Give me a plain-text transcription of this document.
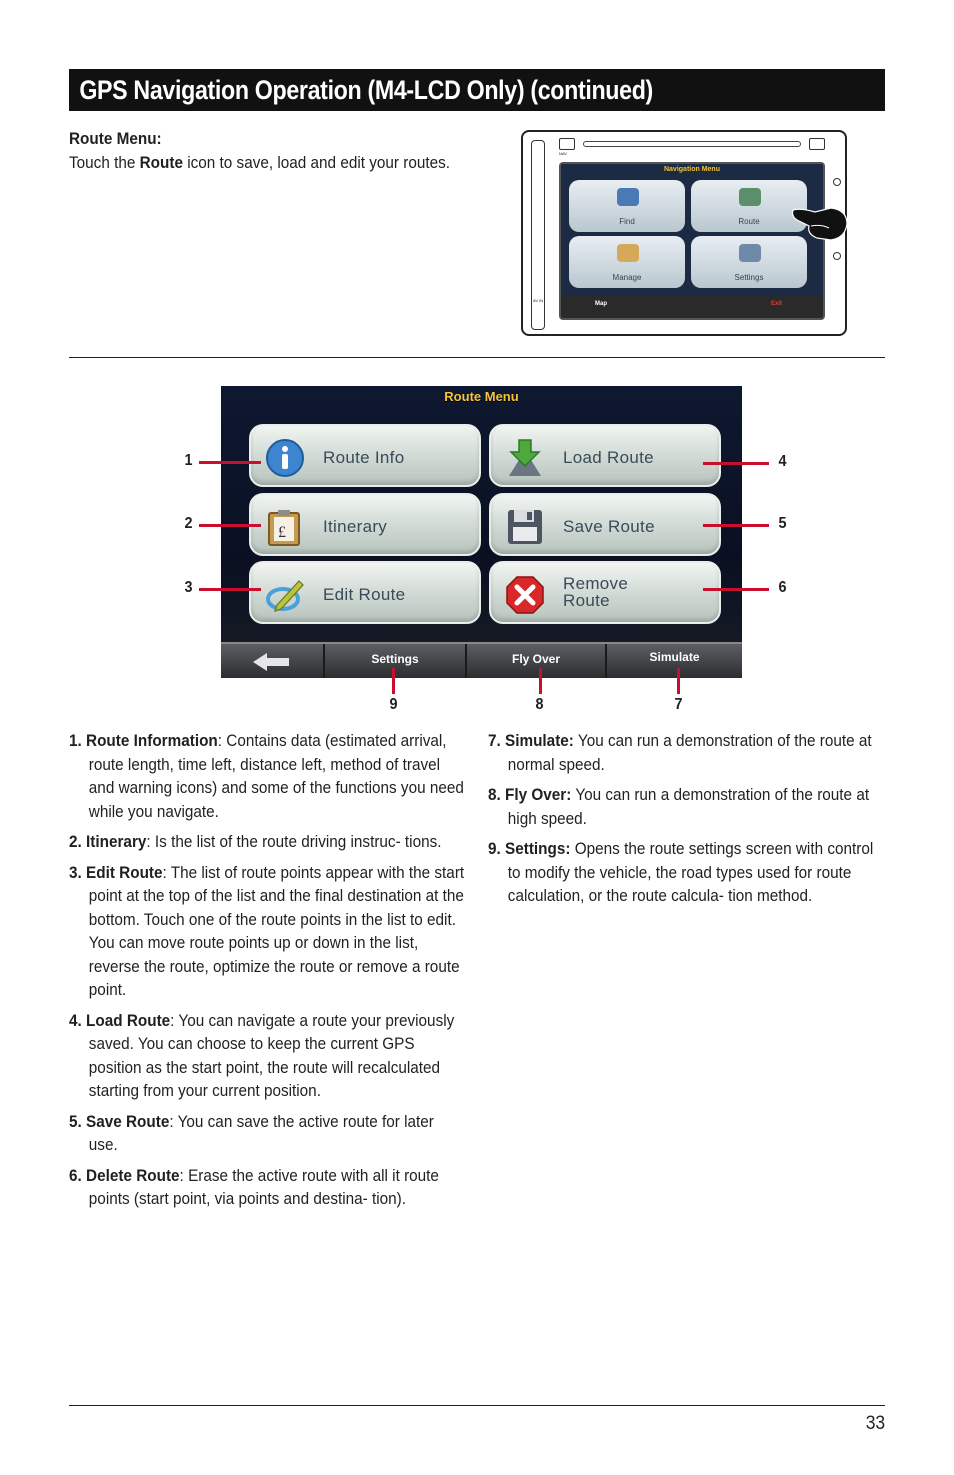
GPS Navigation Operation (M4-LCD Only) (continued)
Route Menu:

Touch the Route icon to save, load and edit your routes.	NAV
AV IN
Navigation Menu
Find	Route
Manage	Settings
Map	Exit
Route Menu
Route Info	Load Route
£ Itinerary	Save Route
Edit Route
Remove
Route
Settings	Fly Over	Simulate
1
2
3
4
5
6
7
8
9
1. Route Information: Contains data (estimated arrival, route length, time left, distance left, method of travel and warning icons) and some of the functions you need while you navigate.
2. Itinerary: Is the list of the route driving instruc- tions.
3. Edit Route: The list of route points appear with the start point at the top of the list and the final destination at the bottom. Touch one of the route points in the list to edit. You can move route points up or down in the list, reverse the route, optimize the route or remove a route point.
4. Load Route: You can navigate a route your previously saved. You can choose to keep the current GPS position as the start point, the route will recalculated starting from your current position.
5. Save Route: You can save the active route for later use.
6. Delete Route: Erase the active route with all it route points (start point, via points and destina- tion).
7. Simulate: You can run a demonstration of the route at normal speed.
8. Fly Over: You can run a demonstration of the route at high speed.
9. Settings: Opens the route settings screen with control to modify the vehicle, the road types used for route calculation, or the route calcula- tion method.
33
